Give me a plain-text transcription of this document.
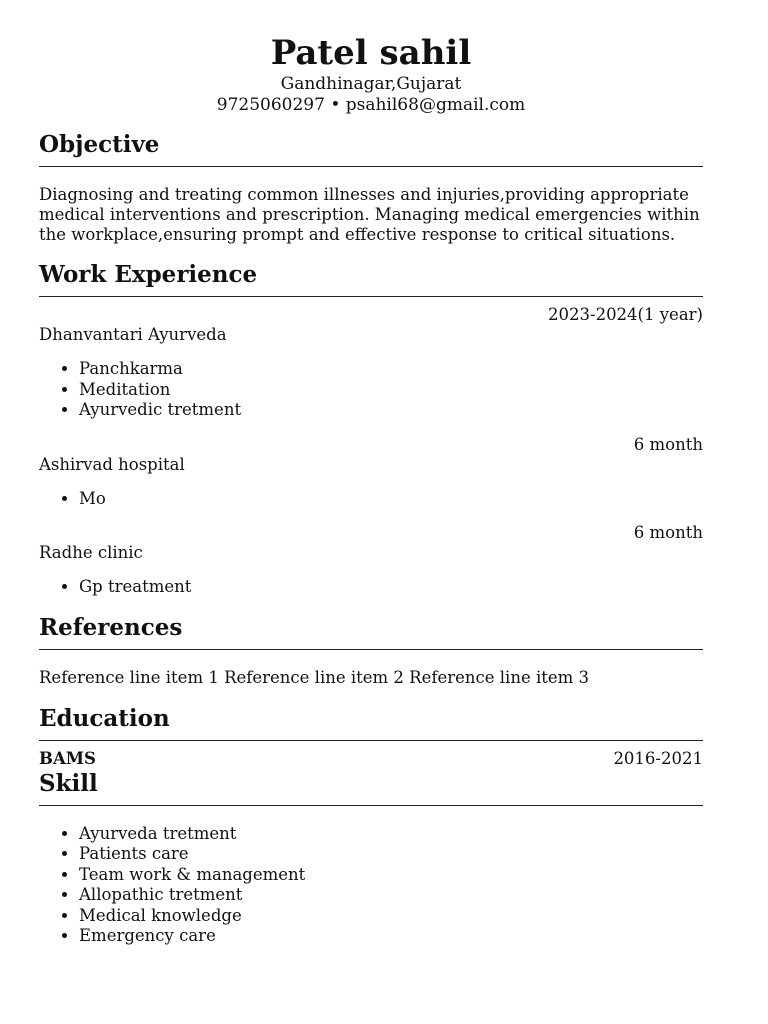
Patel sahil
Gandhinagar,Gujarat
9725060297 • psahil68@gmail.com
Objective
Diagnosing and treating common illnesses and injuries,providing appropriate medical interventions and prescription. Managing medical emergencies within the workplace,ensuring prompt and effective response to critical situations.
Work Experience
2023-2024(1 year)
Dhanvantari Ayurveda
• Panchkarma
• Meditation
• Ayurvedic tretment
6 month
Ashirvad hospital
• Mo
6 month
Radhe clinic
• Gp treatment
References
Reference line item 1 Reference line item 2 Reference line item 3
Education
BAMS	2016-2021
Skill
• Ayurveda tretment
• Patients care
• Team work & management
• Allopathic tretment
• Medical knowledge
• Emergency care
